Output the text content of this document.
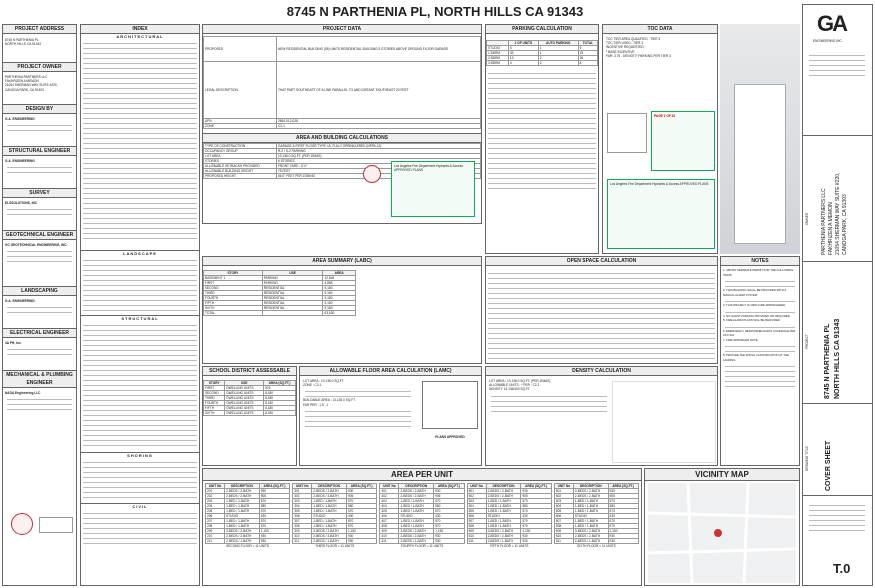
8745 N PARTHENIA PL, NORTH HILLS CA 91343
PROJECT ADDRESS
8745 N PARTHENIA PL
NORTH HILLS CA 91343
PROJECT OWNER
PARTHENIA PARTNERS LLC
FAKHRIZEN A MEMON
21054 SHERMAN WAY SUITE #220,
CANOGA PARK, CA 91303
DESIGN BY
G.A. ENGINEERING
STRUCTURAL ENGINEER
G.A. ENGINEERING
SURVEY
ELSSOLUTIONS, INC
GEOTECHNICAL ENGINEER
GC GEOTECHNICAL ENGINEERING, INC.
LANDSCAPING
G.A. ENGINEERING
ELECTRICAL ENGINEER
4A PH, Inc.
MECHANICAL & PLUMBING ENGINEER
NADA Engineering LLC
INDEX
ARCHITECTURAL
LANDSCAPE
STRUCTURAL
SHORING
CIVIL
PROJECT DATA
PROPOSED	NEW RESIDENTIAL BUILDING (55) UNITS RESIDENTIAL BUILDING 5 STORIES ABOVE GROUND FLOOR GARAGE
LEGAL DESCRIPTION	THAT PART SOUTHEAST OF A LINE PARALLEL TO AND DISTANT SOUTHEAST 20 FEET
APN	2650-012-028
ZONE	C2-1
AREA AND BUILDING CALCULATIONS
TYPE OF CONSTRUCTION	GARAGE & FIRST FLOOR TYPE I-A, FULLY SPRINKLERED (NFPA-13)
OCCUPANCY GROUP	R-2 / S-2 PARKING
LOT AREA	13,136.0 SQ.FT. (PER ZIMAS)
STORIES	6 STORIES
ALLOWABLE SETBACKS PROVIDED	FRONT YARD : 5'-0"
ALLOWABLE BUILDING HEIGHT	75 FEET
PROPOSED HEIGHT	66.0" FEET PER ZONING
Los Angeles Fire Department Hydrants & Access APPROVED PLANS
PARKING CALCULATION
	# OF UNITS	AUTO PARKING	TOTAL
STUDIO	5	1	5
1 BDRM	33	1	33
2 BDRM	13	2	26
3 BDRM	4	2	8
TOC DATA
TOC TIER AREA QUALIFIED : TIER 3
TOC TIER USED : TIER 3
INCENTIVE REQUESTED :
* BASE INCENTIVE
FAR: 3.75 - DENSITY: PARKING PER TIER 3
PAGE 1 OF 22
Los Angeles Fire Department Hydrants & Access APPROVED PLANS
AREA SUMMARY (LABC)
STORY	USE	AREA
BASEMENT 1	PARKING	12,845
FIRST	PARKING	4,885
SECOND	RESIDENTIAL	9,180
THIRD	RESIDENTIAL	9,180
FOURTH	RESIDENTIAL	9,180
FIFTH	RESIDENTIAL	9,180
SIXTH	RESIDENTIAL	9,180
TOTAL		63,630
OPEN SPACE CALCULATION	NOTES
1. OBTAIN SEPARATE PERMIT FOR THE FOLLOWING ITEMS:
2. THIS BUILDING SHALL BE PROVIDED WITH A MANUAL ALARM SYSTEM
3. THIS PROJECT IS 100% FIRE SPRINKLERED
4. NO GUEST PARKING PROVIDED OR REQUIRED
5. FIRE ALARM PLANS WILL BE REQUIRED
6. EMERGENCY RESPONDER RADIO COVERAGE PER CFC 510
7. FIRE SPRINKLER NOTE
8. PROVIDE THE FINISH CLASSIFICATION AT THE LANDING
SCHOOL DISTRICT ASSESSABLE
STORY	USE	AREA (SQ.FT.)
FIRST	DWELLING UNITS	576
SECOND	DWELLING UNITS	8,180
THIRD	DWELLING UNITS	8,180
FOURTH	DWELLING UNITS	8,180
FIFTH	DWELLING UNITS	8,180
SIXTH	DWELLING UNITS	8,180
ALLOWABLE FLOOR AREA CALCULATION (LAMC)
LOT AREA : 13,136.0 SQ.FT.
ZONE : C2-1
BUILDABLE AREA : 13,136.0 SQ.FT.
FAR PER : 1.5 : 1
PLANS APPROVED
DENSITY CALCULATION
LOT AREA : 13,136.0 SQ.FT. (PER ZIMAS)
ALLOWABLE UNITS : * PER : C2-1
DENSITY 13,136/400 SQ.FT.
AREA PER UNIT
UNIT No	DESCRIPTION	AREA (SQ.FT.)
201	2-BEDS / 2-BATH	930
202	2-BEDS / 2-BATH	905
203	1-BED / 1-BATH	570
204	1-BED / 1-BATH	580
205	1-BED / 1-BATH	570
206	STUDIO	430
207	1-BED / 1-BATH	570
208	1-BED / 1-BATH	570
209	3-BEDS / 2-BATH	1,150
210	2-BEDS / 2-BATH	930
211	2-BEDS / 1-BATH	930
SECOND FLOOR = 11 UNITS
UNIT No	DESCRIPTION	AREA (SQ.FT.)
301	2-BEDS / 2-BATH	930
302	2-BEDS / 2-BATH	905
303	1-BED / 1-BATH	570
304	1-BED / 1-BATH	580
305	1-BED / 1-BATH	570
306	STUDIO	430
307	1-BED / 1-BATH	570
308	1-BED / 1-BATH	570
309	3-BEDS / 2-BATH	1,150
310	2-BEDS / 2-BATH	930
311	2-BEDS / 1-BATH	930
THIRD FLOOR = 11 UNITS
UNIT No	DESCRIPTION	AREA (SQ.FT.)
401	2-BEDS / 2-BATH	930
402	2-BEDS / 2-BATH	905
403	1-BED / 1-BATH	570
404	1-BED / 1-BATH	580
405	1-BED / 1-BATH	570
406	STUDIO	430
407	1-BED / 1-BATH	570
408	1-BED / 1-BATH	570
409	3-BEDS / 2-BATH	1,150
410	2-BEDS / 2-BATH	930
411	2-BEDS / 1-BATH	930
FOURTH FLOOR = 11 UNITS
UNIT No	DESCRIPTION	AREA (SQ.FT.)
501	2-BEDS / 2-BATH	930
502	2-BEDS / 2-BATH	905
503	1-BED / 1-BATH	570
504	1-BED / 1-BATH	580
505	1-BED / 1-BATH	570
506	STUDIO	430
507	1-BED / 1-BATH	570
508	1-BED / 1-BATH	570
509	3-BEDS / 2-BATH	1,150
510	2-BEDS / 2-BATH	930
511	2-BEDS / 1-BATH	930
FIFTH FLOOR = 11 UNITS
UNIT No	DESCRIPTION	AREA (SQ.FT.)
601	2-BEDS / 2-BATH	930
602	2-BEDS / 2-BATH	905
603	1-BED / 1-BATH	570
604	1-BED / 1-BATH	580
605	1-BED / 1-BATH	570
606	STUDIO	430
607	1-BED / 1-BATH	570
608	1-BED / 1-BATH	570
609	3-BEDS / 2-BATH	1,150
610	2-BEDS / 2-BATH	930
611	2-BEDS / 1-BATH	930
SIXTH FLOOR = 11 UNITS
VICINITY MAP
GA
ENGINEERING INC.
OWNER PARTHENIA PARTNERS LLC FAKHRIZEN A MEMON 21054 SHERMAN WAY SUITE #220, CANOGA PARK, CA 91303
PROJECT 8745 N PARTHENIA PL NORTH HILLS CA 91343
DRAWING TITLE COVER SHEET
T.0
